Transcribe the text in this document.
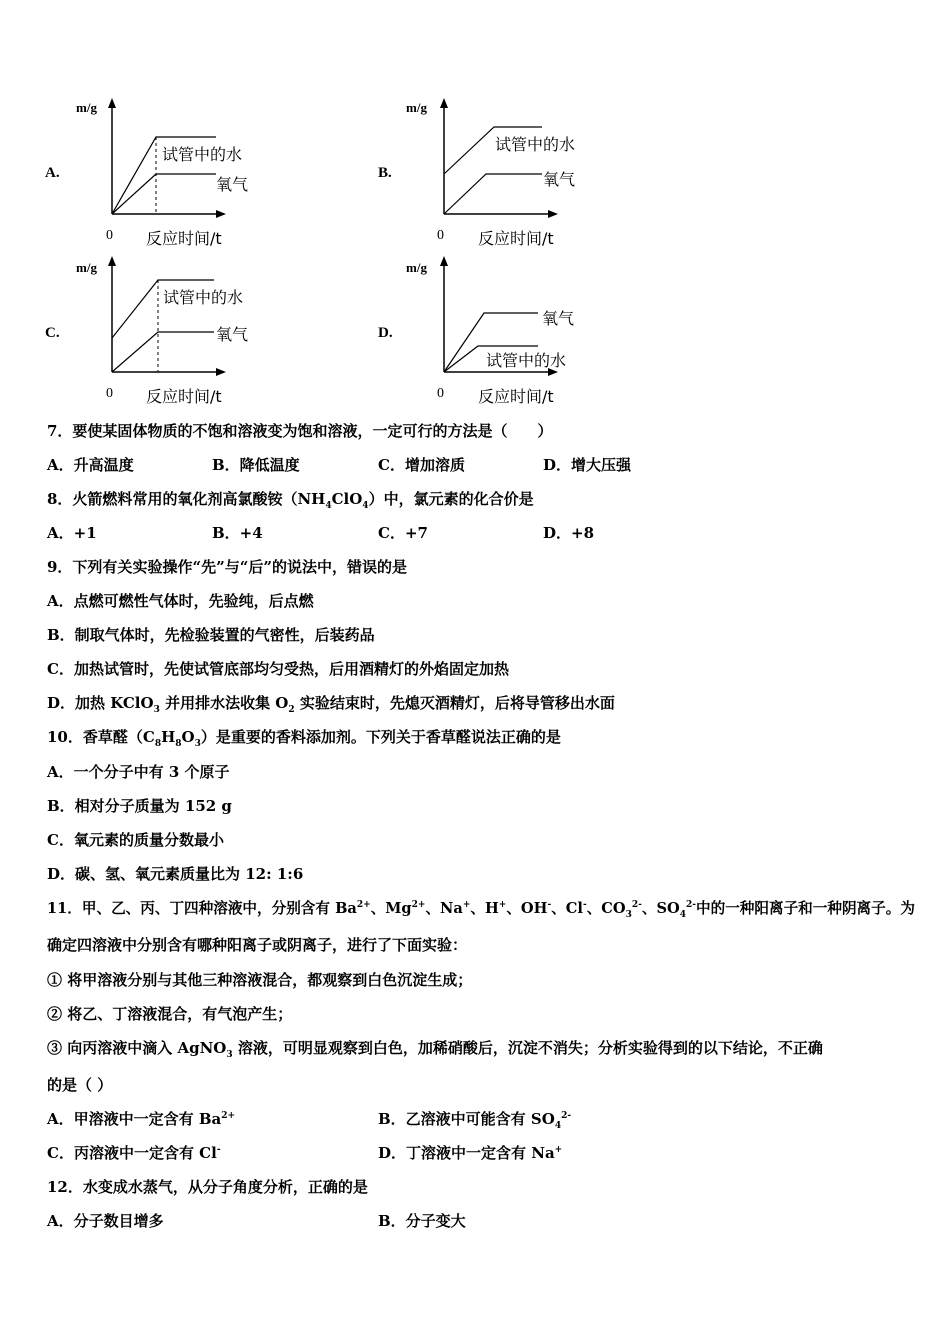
A.	B.
C.	D.
m/g
0 反应时间/t
试管中的水
氧气
m/g
0 反应时间/t
试管中的水
氧气
m/g
0 反应时间/t
试管中的水
氧气
m/g
0 反应时间/t
氧气
试管中的水
7．要使某固体物质的不饱和溶液变为饱和溶液，一定可行的方法是（　　）
A．升高温度	B．降低温度	C．增加溶质	D．增大压强
8．火箭燃料常用的氧化剂高氯酸铵$(NH_4ClO_4)$中，氯元素的化合价是
A．+1	B．+4	C．+7	D．+8
9．下列有关实验操作“先”与“后”的说法中，错误的是
A．点燃可燃性气体时，先验纯，后点燃
B．制取气体时，先检验装置的气密性，后装药品
C．加热试管时，先使试管底部均匀受热，后用酒精灯的外焰固定加热
D．加热 KClO$_3$ 并用排水法收集 $O_2$ 实验结束时，先熄灭酒精灯，后将导管移出水面
10．香草醛$(C_8H_8O_3)$是重要的香料添加剂。下列关于香草醛说法正确的是
A．一个分子中有 3 个原子
B．相对分子质量为 152 g
C．氧元素的质量分数最小
D．碳、氢、氧元素质量比为 12: 1:6
11．甲、乙、丙、丁四种溶液中，分别含有 $Ba^{2+}$、$Mg^{2+}$、Na+、H+、OH-、Cl-、$CO_3^{2-}$、$SO_4^{2-}$中的一种阳离子和一种阴离子。为
确定四溶液中分别含有哪种阳离子或阴离子，进行了下面实验：
① 将甲溶液分别与其他三种溶液混合，都观察到白色沉淀生成；
② 将乙、丁溶液混合，有气泡产生；
③ 向丙溶液中滴入 AgNO$_3$ 溶液，可明显观察到白色，加稀硝酸后，沉淀不消失；分析实验得到的以下结论，不正确
的是（ ）
A．甲溶液中一定含有 $Ba^{2+}$	B．乙溶液中可能含有 $SO_4^{2-}$
C．丙溶液中一定含有 Cl-	D．丁溶液中一定含有 Na+
12．水变成水蒸气，从分子角度分析，正确的是
A．分子数目增多	B．分子变大
